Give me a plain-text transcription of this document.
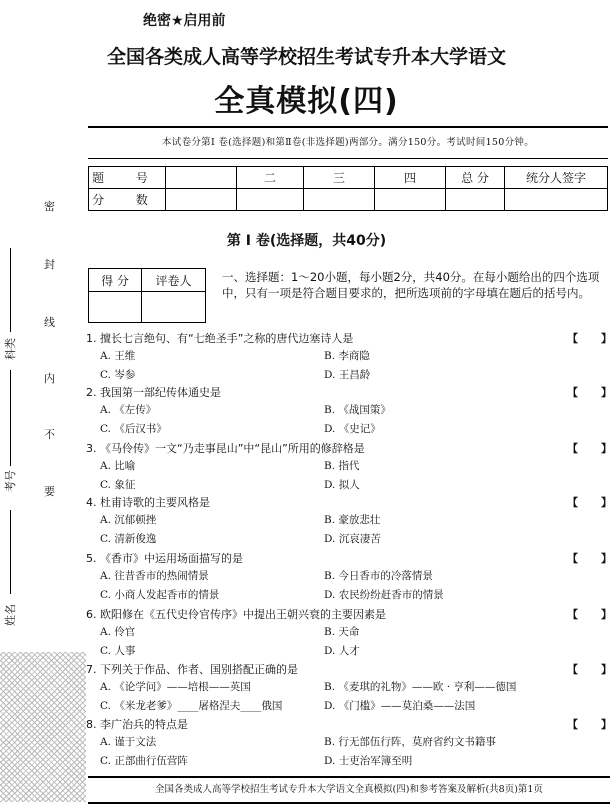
绝密★启用前
全国各类成人高等学校招生考试专升本大学语文
全真模拟(四)
本试卷分第Ⅰ 卷(选择题)和第Ⅱ卷(非选择题)两部分。满分150分。考试时间150分钟。
题 号		二	三	四	总 分	统分人签字
分 数						
密
封
线
内
不
要
科类
考号
姓名
第 Ⅰ 卷(选择题，共40分)
得 分	评卷人
		一、选择题：1～20小题，每小题2分，共40分。在每小题给出的四个选项中，只有一项是符合题目要求的，把所选项前的字母填在题后的括号内。
1. 擅长七言绝句、有“七绝圣手”之称的唐代边塞诗人是
A. 王维	B. 李商隐
C. 岑参	D. 王昌龄
【 】
2. 我国第一部纪传体通史是
A. 《左传》	B. 《战国策》
C. 《后汉书》	D. 《史记》
【 】
3. 《马伶传》一文“乃走事昆山”中“昆山”所用的修辞格是
A. 比喻	B. 指代
C. 象征	D. 拟人
【 】
4. 杜甫诗歌的主要风格是
A. 沉郁顿挫	B. 豪放悲壮
C. 清新俊逸	D. 沉哀凄苦
【 】
5. 《香市》中运用场面描写的是
A. 往昔香市的热闹情景	B. 今日香市的冷落情景
C. 小商人发起香市的情景	D. 农民纷纷赶香市的情景
【 】
6. 欧阳修在《五代史伶官传序》中提出王朝兴衰的主要因素是
A. 伶官	B. 天命
C. 人事	D. 人才
【 】
7. 下列关于作品、作者、国别搭配正确的是
A. 《论学问》——培根——英国	B. 《麦琪的礼物》——欧 · 亨利——德国
C. 《米龙老爹》____屠格涅夫____俄国	D. 《门槛》——莫泊桑——法国
【 】
8. 李广治兵的特点是
A. 谨于文法	B. 行无部伍行阵，莫府省约文书籍事
C. 正部曲行伍营阵	D. 士吏治军簿至明
【 】
全国各类成人高等学校招生考试专升本大学语文全真模拟(四)和参考答案及解析(共8页)第1页
